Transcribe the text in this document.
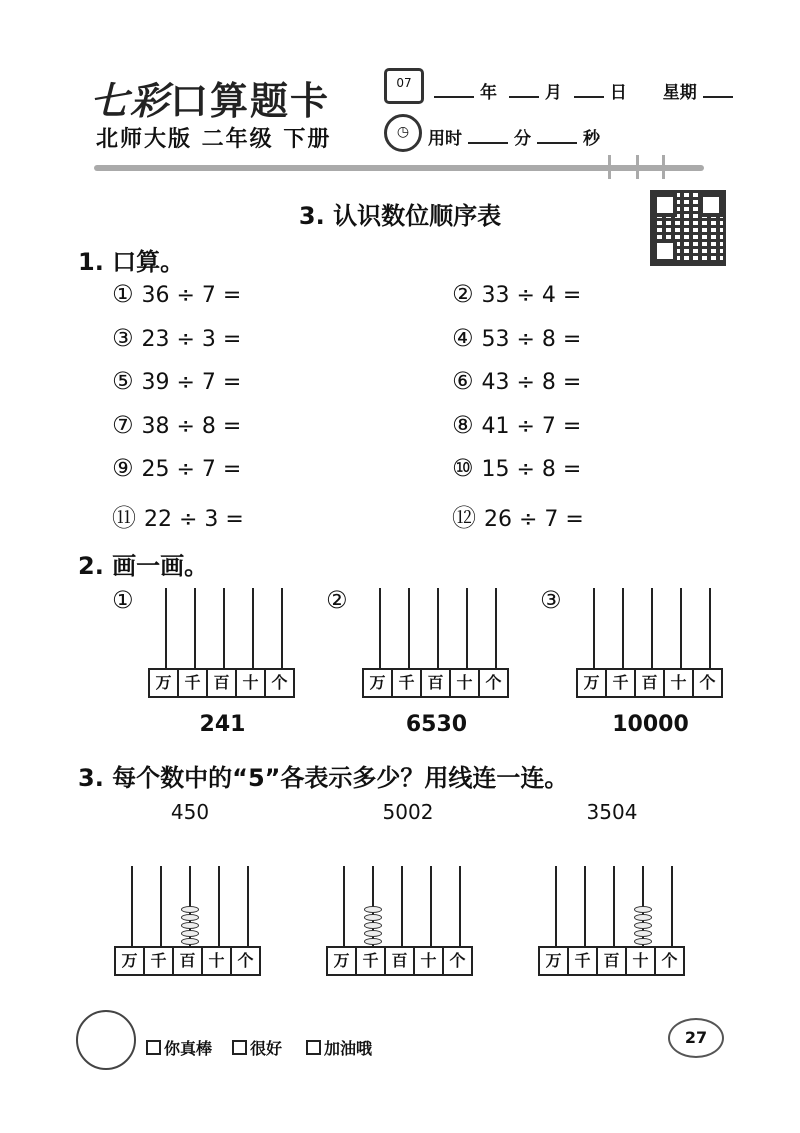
七彩口算题卡
北师大版 二年级 下册
07
◷
年	月	日 星期
用时	分	秒
3. 认识数位顺序表
1. 口算。
① 36 ÷ 7 =	② 33 ÷ 4 =
③ 23 ÷ 3 =	④ 53 ÷ 8 =
⑤ 39 ÷ 7 =	⑥ 43 ÷ 8 =
⑦ 38 ÷ 8 =	⑧ 41 ÷ 7 =
⑨ 25 ÷ 7 =	⑩ 15 ÷ 8 =
⑪ 22 ÷ 3 =	⑫ 26 ÷ 7 =
2. 画一画。
①
万 千 百 十 个
241
②
万 千 百 十 个
6530
③
万 千 百 十 个
10000
3. 每个数中的“5”各表示多少？用线连一连。
450	5002	3504
万 千 百 十 个	万 千 百 十 个	万 千 百 十 个
你真棒	很好	加油哦
27
